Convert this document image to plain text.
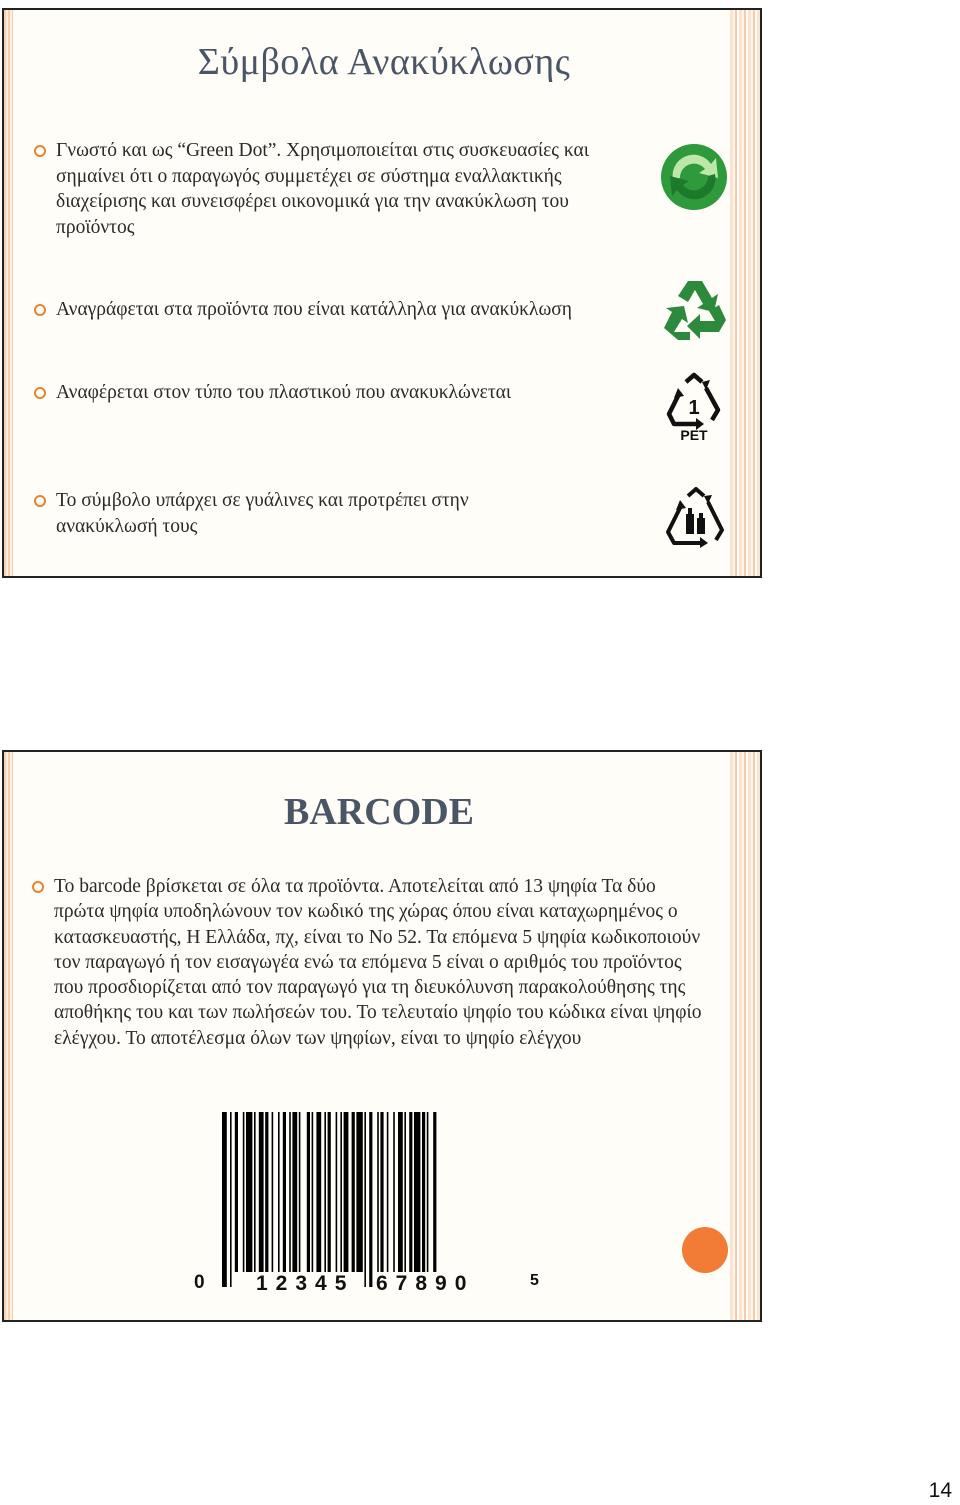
Σύμβολα Ανακύκλωσης
Γνωστό και ως “Green Dot”. Χρησιμοποιείται στις συσκευασίες και σημαίνει ότι ο παραγωγός συμμετέχει σε σύστημα εναλλακτικής διαχείρισης και συνεισφέρει οικονομικά για την ανακύκλωση του προϊόντος
Αναγράφεται στα προϊόντα που είναι κατάλληλα για ανακύκλωση
Αναφέρεται στον τύπο του πλαστικού που ανακυκλώνεται
Το σύμβολο υπάρχει σε γυάλινες και προτρέπει στην ανακύκλωσή τους
1
PET
BARCODE
Το barcode βρίσκεται σε όλα τα προϊόντα. Αποτελείται από 13 ψηφία Τα δύο πρώτα ψηφία υποδηλώνουν τον κωδικό της χώρας όπου είναι καταχωρημένος ο κατασκευαστής, Η Ελλάδα, πχ, είναι το Νο 52. Τα επόμενα 5 ψηφία κωδικοποιούν τον παραγωγό ή τον εισαγωγέα ενώ τα επόμενα 5 είναι ο αριθμός του προϊόντος που προσδιορίζεται από τον παραγωγό για τη διευκόλυνση παρακολούθησης της αποθήκης του και των πωλήσεών του. Το τελευταίο ψηφίο του κώδικα είναι ψηφίο ελέγχου. Το αποτέλεσμα όλων των ψηφίων, είναι το ψηφίο ελέγχου
0 12345 67890	5
14
